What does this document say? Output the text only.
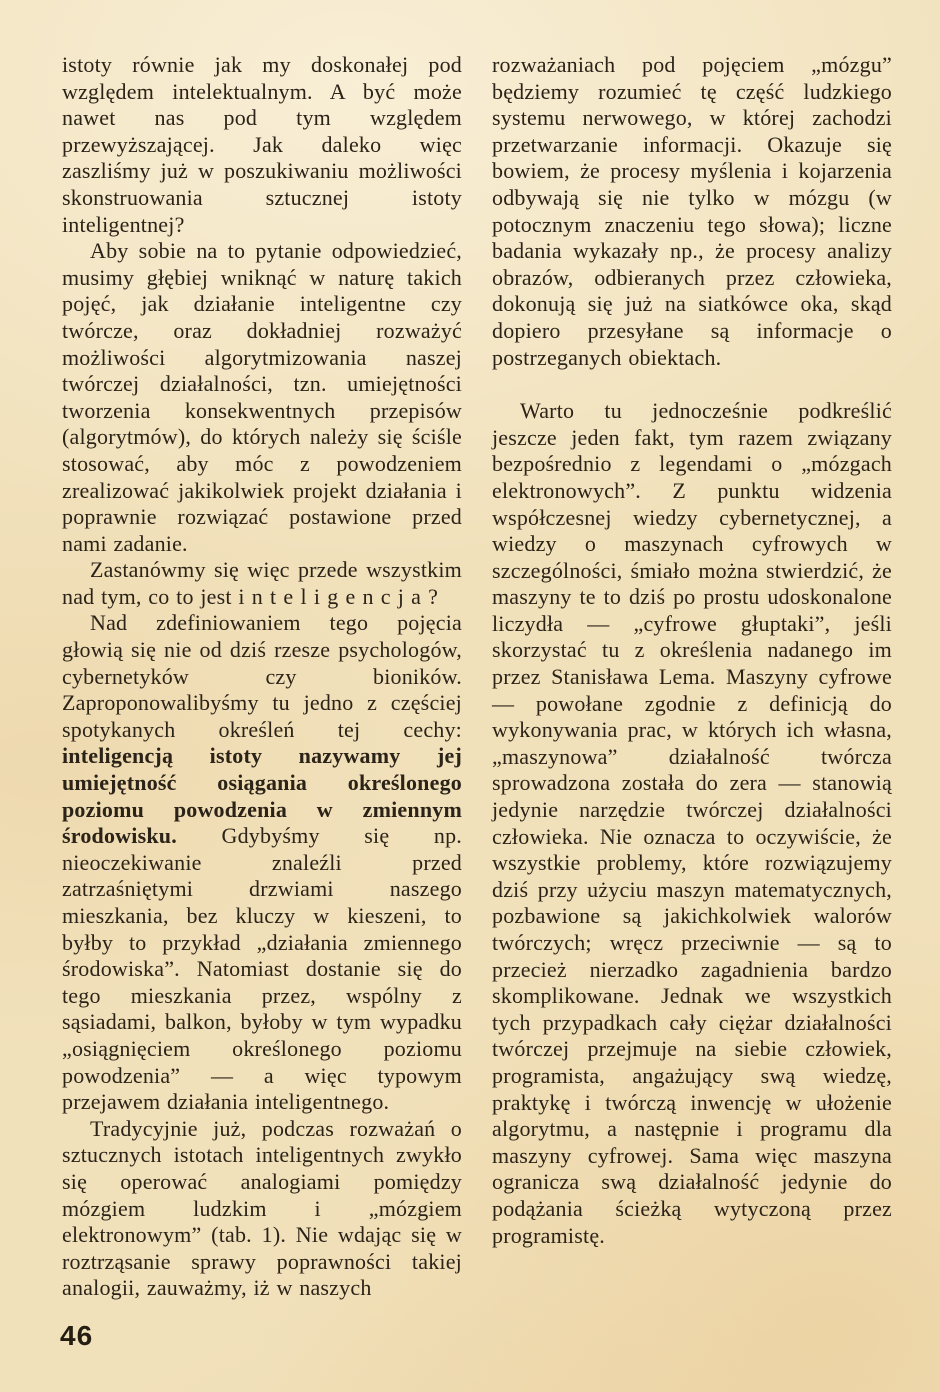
istoty równie jak my doskonałej pod względem intelektualnym. A być może nawet nas pod tym względem przewyższającej. Jak daleko więc zaszliśmy już w poszukiwaniu możliwości skonstruowania sztucznej istoty inteligentnej?

Aby sobie na to pytanie odpowiedzieć, musimy głębiej wniknąć w naturę takich pojęć, jak działanie inteligentne czy twórcze, oraz dokładniej rozważyć możliwości algorytmizowania naszej twórczej działalności, tzn. umiejętności tworzenia konsekwentnych przepisów (algorytmów), do których należy się ściśle stosować, aby móc z powodzeniem zrealizować jakikolwiek projekt działania i poprawnie rozwiązać postawione przed nami zadanie.

Zastanówmy się więc przede wszystkim nad tym, co to jest inteligencja?

Nad zdefiniowaniem tego pojęcia głowią się nie od dziś rzesze psychologów, cybernetyków czy bioników. Zaproponowalibyśmy tu jedno z częściej spotykanych określeń tej cechy: inteligencją istoty nazywamy jej umiejętność osiągania określonego poziomu powodzenia w zmiennym środowisku. Gdybyśmy się np. nieoczekiwanie znaleźli przed zatrzaśniętymi drzwiami naszego mieszkania, bez kluczy w kieszeni, to byłby to przykład „działania zmiennego środowiska”. Natomiast dostanie się do tego mieszkania przez, wspólny z sąsiadami, balkon, byłoby w tym wypadku „osiągnięciem określonego poziomu powodzenia” — a więc typowym przejawem działania inteligentnego.

Tradycyjnie już, podczas rozważań o sztucznych istotach inteligentnych zwykło się operować analogiami pomiędzy mózgiem ludzkim i „mózgiem elektronowym” (tab. 1). Nie wdając się w roztrząsanie sprawy poprawności takiej analogii, zauważmy, iż w naszych

rozważaniach pod pojęciem „mózgu” będziemy rozumieć tę część ludzkiego systemu nerwowego, w której zachodzi przetwarzanie informacji. Okazuje się bowiem, że procesy myślenia i kojarzenia odbywają się nie tylko w mózgu (w potocznym znaczeniu tego słowa); liczne badania wykazały np., że procesy analizy obrazów, odbieranych przez człowieka, dokonują się już na siatkówce oka, skąd dopiero przesyłane są informacje o postrzeganych obiektach.

Warto tu jednocześnie podkreślić jeszcze jeden fakt, tym razem związany bezpośrednio z legendami o „mózgach elektronowych”. Z punktu widzenia współczesnej wiedzy cybernetycznej, a wiedzy o maszynach cyfrowych w szczególności, śmiało można stwierdzić, że maszyny te to dziś po prostu udoskonalone liczydła — „cyfrowe głuptaki”, jeśli skorzystać tu z określenia nadanego im przez Stanisława Lema. Maszyny cyfrowe — powołane zgodnie z definicją do wykonywania prac, w których ich własna, „maszynowa” działalność twórcza sprowadzona została do zera — stanowią jedynie narzędzie twórczej działalności człowieka. Nie oznacza to oczywiście, że wszystkie problemy, które rozwiązujemy dziś przy użyciu maszyn matematycznych, pozbawione są jakichkolwiek walorów twórczych; wręcz przeciwnie — są to przecież nierzadko zagadnienia bardzo skomplikowane. Jednak we wszystkich tych przypadkach cały ciężar działalności twórczej przejmuje na siebie człowiek, programista, angażujący swą wiedzę, praktykę i twórczą inwencję w ułożenie algorytmu, a następnie i programu dla maszyny cyfrowej. Sama więc maszyna ogranicza swą działalność jedynie do podążania ścieżką wytyczoną przez programistę.

46
